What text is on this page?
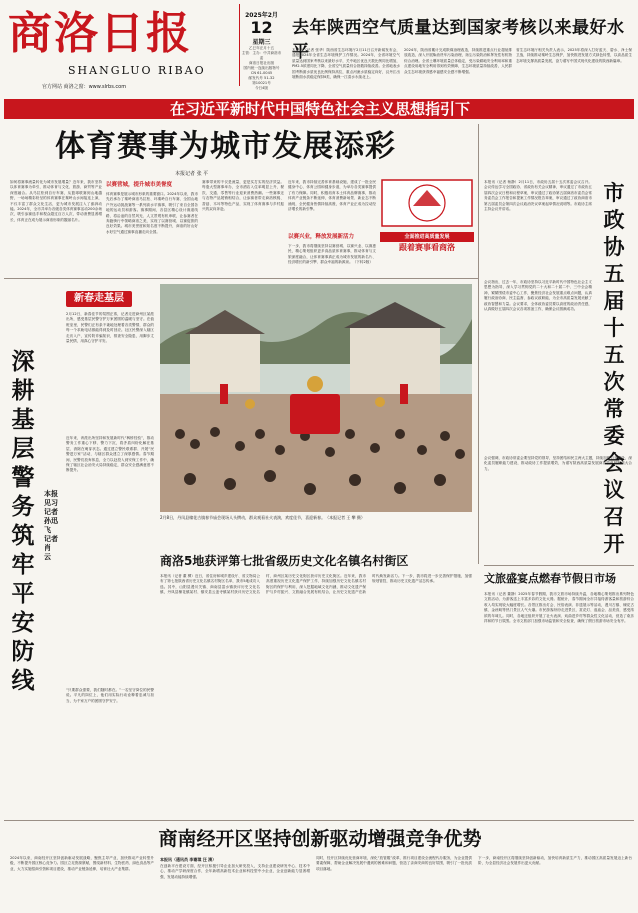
商洛日报
SHANGLUO RIBAO
官方网站 商洛之窗：www.slrbs.com
2025年2月
12
星期三
乙巳年正月十五
主管：主办：中共商洛市委
商洛日报社出版
国内统一连续出版物号
CN 61-0045
邮发代号 51-32
第10021号
今日4版
去年陕西空气质量达到国家考核以来最好水平
本报讯（记者 张华）陕西省生态环境厅2月11日召开新闻发布会，通报2024年全省生态环境保护工作情况。2024年，全省环境空气质量达到国家考核以来最好水平，关中地区优良天数比例同比增加，PM2.5浓度同比下降，全省空气质量综合指数持续改善。全省地表水国考断面水质优良比例保持高位，重点河流水质稳定向好，汉丹江出境断面水质稳定保持Ⅱ类，确保一江清水永续北上。
2024年，陕西省累计完成散煤治理改造，持续推进重点行业超低排放改造，深入开展柴油货车污染治理，扬尘污染防治和挥发性有机物综合治理。全省土壤环境质量总体稳定，受污染耕地安全利用率和重点建设用地安全利用得到有效保障，生态环境质量持续改善，人民群众生态环境获得感幸福感安全感不断增强。
省生态环境厅相关负责人表示，2025年将深入打好蓝天、碧水、净土保卫战，持续推动秦岭生态保护，加快推进发展方式绿色转型，以高品质生态环境支撑高质量发展，奋力谱写中国式现代化建设的陕西新篇章。
在习近平新时代中国特色社会主义思想指引下
体育赛事为城市发展添彩
本报记者 张 平
如何将赛事流量转化为城市发展增量？近年来，我市坚持以体育赛事为牵引，推动体育与文化、旅游、商贸等产业深度融合。从马拉松到自行车赛，从篮球联赛到山地越野，一场场精彩纷呈的体育赛事在秦岭山水间接连上演，不仅丰富了群众文化生活，更为城市发展注入了澎湃动能。2024年，全市共举办各级各类体育赛事活动200余场次，吸引参赛选手和观众超过百万人次，带动消费显著增长，体育正在成为展示商洛形象的靓丽名片。
以赛营城，提升城市美誉度
体育赛事是展示城市形象的重要窗口。2024年以来，我市先后承办了秦岭商洛马拉松、环秦岭自行车赛、全国山地户外运动挑战赛等一系列高水平赛事，吸引了来自全国各地的运动员和游客。赛事期间，各县区精心设计赛道线路，将沿途的自然风光、人文景观有机串联，让参赛者在奔跑骑行中领略商洛之美，实现了以赛营城、以赛促旅的良好效果。城市美誉度和知名度不断提升，商洛的好山好水好空气通过赛事直播走向全国。
赛事带来的不仅是流量，更是实打实的经济效益。每逢大型赛事举办，全市酒店入住率明显上升，餐饮、交通、零售等行业迎来消费热潮。一些赛事还与农特产品展销相结合，让参赛者带走商洛核桃、香菇、木耳等特色产品，实现了体育赛事与乡村振兴的双向奔赴。
近年来，我市持续完善体育基础设施，建成了一批全民健身中心、体育公园和健身步道，为举办各类赛事提供了有力保障。同时，积极培育本土体育品牌赛事，推动体育产业链条不断延伸，体育消费新场景、新业态不断涌现，全民健身热情持续高涨，体育产业正成为拉动经济增长的新引擎。
以赛兴业，释放发展新活力
下一步，我市将继续坚持以赛营城、以赛兴业、以赛惠民，精心策划组织更多高品质体育赛事，推动体育与文旅深度融合，让体育赛事真正成为城市发展的新名片、经济增长的新引擎、群众幸福的新源泉。（下转2版）
全面推进高质量发展
跟着赛事看商洛
市政协五届十五次常委会议召开
本报讯（记者 杨静）2月11日，市政协五届十五次常委会议召开。会议传达学习全国政协、省政协有关会议精神，审议通过了市政协五届四次会议日程和议程草案，审议通过了政协第五届商洛市委员会常务委员会工作报告和提案工作情况报告草案，审议通过了政协商洛市第五届委员会第四次会议政治决议草案起草情况说明等。市政协主席主持会议并讲话。
会议指出，过去一年，市政协坚持以习近平新时代中国特色社会主义思想为指导，深入学习贯彻党的二十大和二十届二中、三中全会精神，紧紧围绕市委中心工作，聚焦经济社会发展重点难点问题，认真履行政治协商、民主监督、参政议政职能，为全市高质量发展贡献了政协智慧和力量。会议要求，全体政协委员要以高度的政治责任感，认真做好五届四次会议各项准备工作，确保会议圆满成功。
会议强调，市政协常委会要坚持党的领导，坚持团结和民主两大主题，持续加强自身建设，深化委员履职能力建设，推动政协工作提质增效，为谱写陕西高质量发展商洛篇章凝聚强大合力。
文旅盛宴点燃春节假日市场
本报讯（记者 董静）2025年春节假期，我市文旅市场持续升温，各地精心策划推出系列特色文旅活动，为游客送上丰富多彩的文化大餐。据统计，春节期间全市共接待游客量和旅游综合收入均实现较大幅度增长。各景区推出灯会、民俗表演、非遗展示等活动，漫川古镇、棣花古镇、金丝峡等热门景区人气火爆。市民游客纷纷走进景区，赏花灯、逛庙会、品美食，感受浓浓的年味儿。同时，各地还组织开展了社火表演、戏曲进乡村等群众性文化活动，营造了欢乐祥和的节日氛围。全市文旅部门加强市场监管和安全检查，确保了假日旅游市场安全有序。
新春走基层
深耕基层警务 筑牢平安防线
本报见习记者 孙迅飞 记者 肖 云
2月12日，新春佳节的氛围正浓，记者走进商州区某派出所，感受基层民警守护万家团圆的温暖与坚守。在值班室里，民警们正有条不紊地处理着各类警情，群众的每一个求助电话都能得到及时回应。社区民警深入辖区走访入户，宣传防诈骗知识，排查安全隐患，用脚步丈量民情，用真心守护平安。
近年来，该派出所坚持和发展新时代“枫桥经验”，推动警务工作重心下移、警力下沉，将矛盾纠纷化解在基层、消除在萌芽状态。通过建立警民联系群、开展“民警进万家”活动，与辖区群众建立了深厚感情。春节期间，民警们放弃休息，全力以赴投入到安保工作中，确保了辖区社会治安大局持续稳定，群众安全感满意度不断提升。
“只要群众需要，我们随时都在。”一名坚守岗位的民警说。平凡的岗位上，他们用实际行动诠释着忠诚与担当，为千家万户的团圆守护安宁。
2月8日，丹凤县棣花古镇春节庙会现场人头攒动，群众观看社火表演，欢度佳节，喜迎新春。（本报记者 王 攀 摄）
商洛5地获评第七批省级历史文化名镇名村街区
本报讯（记者 董 柳）近日，省住房和城乡建设厅、省文物局公布了第七批陕西省历史文化名镇名村街区名单，我市5地成功入选。其中，山阳县漫川关镇、商南县富水镇获评历史文化名镇，丹凤县棣花镇某村、镇安县云盖寺镇某村获评历史文化名村，商州区某历史文化街区获评历史文化街区。近年来，我市高度重视历史文化遗产保护工作，持续加强历史文化名镇名村街区的保护与利用，深入挖掘地域文化内涵，推动文化遗产保护与乡村振兴、文旅融合发展有机结合，让历史文化遗产在新时代焕发新活力。下一步，我市将进一步完善保护措施，加强规划管控，推动历史文化遗产活态传承。
商南经开区坚持创新驱动增强竞争优势
本报讯（通讯员 李谢琪 汪 清）
2024年以来，商南经开区坚持创新驱动发展战略，聚焦主导产业，加快推动产业转型升级，不断提升园区核心竞争力。园区立足资源禀赋，围绕新材料、生物医药、绿色食品等产业，大力实施招商引资和项目建设，推动产业链条延伸，培育壮大产业集群。
在创新平台建设方面，经开区积极引导企业加大研发投入，支持企业建设研发中心、技术中心，推动产学研深度合作，全年新增高新技术企业和科技型中小企业，企业创新能力显著增强，发展动能持续增强。
同时，经开区持续优化营商环境，深化“放管服”改革，推行项目建设全流程代办服务，为企业提供要素保障，帮助企业解决发展中遇到的困难和问题，营造了亲商安商的良好氛围，吸引了一批优质项目落地。
下一步，商南经开区将继续坚持创新驱动，加快培育新质生产力，推动园区高质量发展迈上新台阶，为全县经济社会发展作出更大贡献。
